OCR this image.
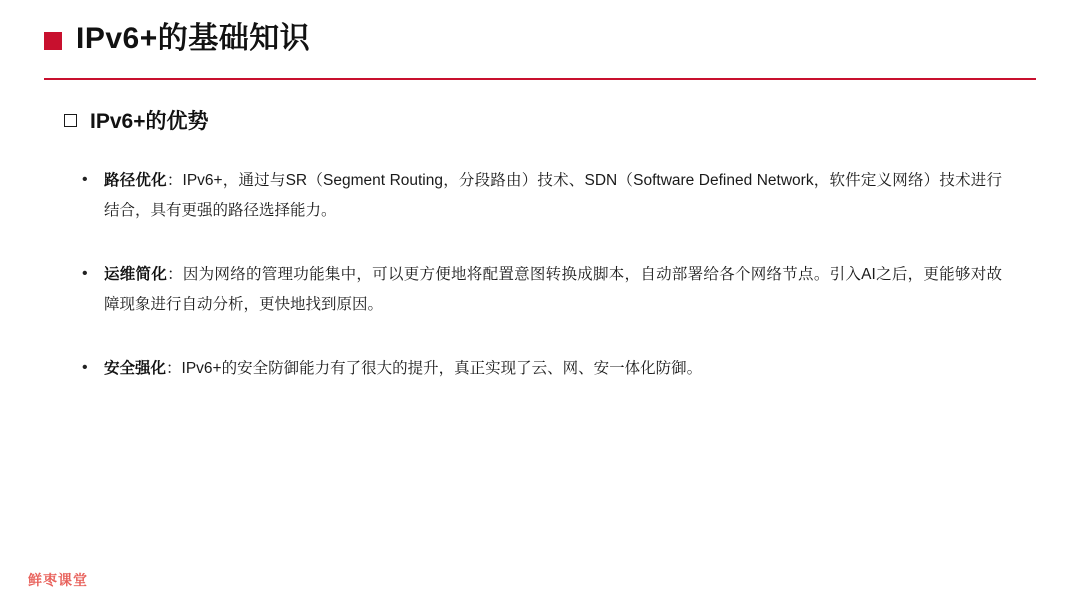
IPv6+的基础知识
IPv6+的优势
•	路径优化：IPv6+，通过与SR（Segment Routing，分段路由）技术、SDN（Software Defined Network，软件定义网络）技术进行结合，具有更强的路径选择能力。
•	运维简化：因为网络的管理功能集中，可以更方便地将配置意图转换成脚本，自动部署给各个网络节点。引入AI之后，更能够对故障现象进行自动分析，更快地找到原因。
•	安全强化：IPv6+的安全防御能力有了很大的提升，真正实现了云、网、安一体化防御。
鲜枣课堂
